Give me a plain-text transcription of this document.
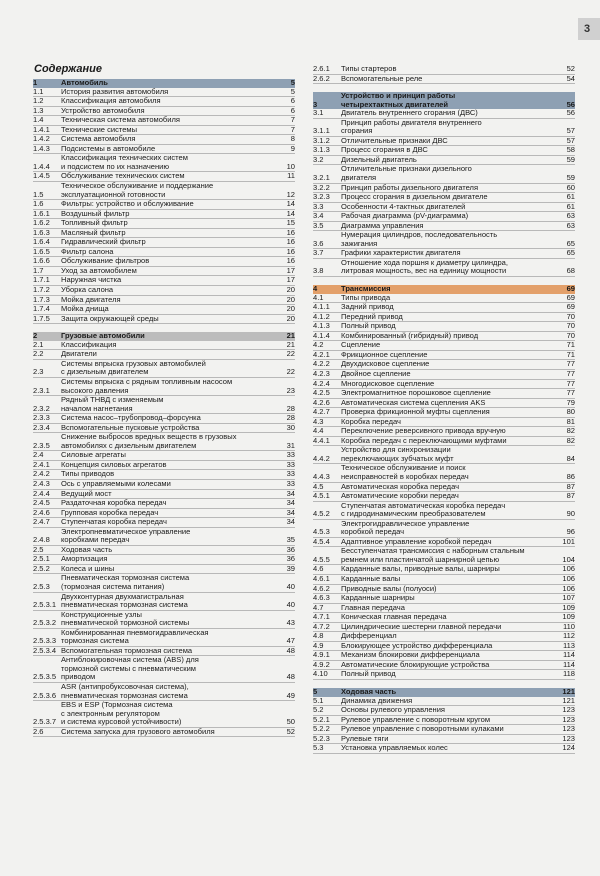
3
Содержание
1	Автомобиль	5
1.1	История развития автомобиля	5
1.2	Классификация автомобиля	6
1.3	Устройство автомобиля	6
1.4	Техническая система автомобиля	7
1.4.1	Технические системы	7
1.4.2	Система автомобиля	8
1.4.3	Подсистемы в автомобиле	9
1.4.4
Классификация технических систем
и подсистем по их назначению	10
1.4.5	Обслуживание технических систем	11
1.5
Техническое обслуживание и поддержание
эксплуатационной готовности	12
1.6	Фильтры: устройство и обслуживание	14
1.6.1	Воздушный фильтр	14
1.6.2	Топливный фильтр	15
1.6.3	Масляный фильтр	16
1.6.4	Гидравлический фильтр	16
1.6.5	Фильтр салона	16
1.6.6	Обслуживание фильтров	16
1.7	Уход за автомобилем	17
1.7.1	Наружная чистка	17
1.7.2	Уборка салона	20
1.7.3	Мойка двигателя	20
1.7.4	Мойка днища	20
1.7.5	Защита окружающей среды	20
2	Грузовые автомобили	21
2.1	Классификация	21
2.2	Двигатели	22
2.3
Системы впрыска грузовых автомобилей
с дизельным двигателем	22
2.3.1
Системы впрыска с рядным топливным насосом
высокого давления	23
2.3.2
Рядный ТНВД с изменяемым
началом нагнетания	28
2.3.3	Система насос–трубопровод–форсунка	28
2.3.4	Вспомогательные пусковые устройства	30
2.3.5
Снижение выбросов вредных веществ в грузовых
автомобилях с дизельным двигателем	31
2.4	Силовые агрегаты	33
2.4.1	Концепция силовых агрегатов	33
2.4.2	Типы приводов	33
2.4.3	Ось с управляемыми колесами	33
2.4.4	Ведущий мост	34
2.4.5	Раздаточная коробка передач	34
2.4.6	Групповая коробка передач	34
2.4.7	Ступенчатая коробка передач	34
2.4.8
Электропневматическое управление
коробками передач	35
2.5	Ходовая часть	36
2.5.1	Амортизация	36
2.5.2	Колеса и шины	39
2.5.3
Пневматическая тормозная система
(тормозная система питания)	40
2.5.3.1
Двухконтурная двухмагистральная
пневматическая тормозная система	40
2.5.3.2
Конструкционные узлы
пневматической тормозной системы	43
2.5.3.3
Комбинированная пневмогидравлическая
тормозная система	47
2.5.3.4 Вспомогательная тормозная система	48
2.5.3.5
Антиблокировочная система (ABS) для
тормозной системы с пневматическим
приводом	48
2.5.3.6
ASR (антипробуксовочная система),
пневматическая тормозная система	49
2.5.3.7
EBS и ESP (Тормозная система
с электронным регулятором
и система курсовой устойчивости)	50
2.6	Система запуска для грузового автомобиля	52
2.6.1	Типы стартеров	52
2.6.2	Вспомогательные реле	54
3
Устройство и принцип работы
четырехтактных двигателей	56
3.1	Двигатель внутреннего сгорания (ДВС)	56
3.1.1
Принцип работы двигателя внутреннего
сгорания	57
3.1.2	Отличительные признаки ДВС	57
3.1.3	Процесс сгорания в ДВС	58
3.2	Дизельный двигатель	59
3.2.1
Отличительные признаки дизельного
двигателя	59
3.2.2	Принцип работы дизельного двигателя	60
3.2.3	Процесс сгорания в дизельном двигателе	61
3.3	Особенности 4-тактных двигателей	61
3.4	Рабочая диаграмма (pV-диаграмма)	63
3.5	Диаграмма управления	63
3.6
Нумерация цилиндров, последовательность
зажигания	65
3.7	Графики характеристик двигателя	65
3.8
Отношение хода поршня к диаметру цилиндра,
литровая мощность, вес на единицу мощности	68
4	Трансмиссия	69
4.1	Типы привода	69
4.1.1	Задний привод	69
4.1.2	Передний привод	70
4.1.3	Полный привод	70
4.1.4	Комбинированный (гибридный) привод	70
4.2	Сцепление	71
4.2.1	Фрикционное сцепление	71
4.2.2	Двухдисковое сцепление	77
4.2.3	Двойное сцепление	77
4.2.4	Многодисковое сцепление	77
4.2.5	Электромагнитное порошковое сцепление	77
4.2.6	Автоматическая система сцепления AKS	79
4.2.7	Проверка фрикционной муфты сцепления	80
4.3	Коробка передач	81
4.4	Переключение реверсивного привода вручную	82
4.4.1	Коробка передач с переключающими муфтами	82
4.4.2
Устройство для синхронизации
переключающих зубчатых муфт	84
4.4.3
Техническое обслуживание и поиск
неисправностей в коробках передач	86
4.5	Автоматическая коробка передач	87
4.5.1	Автоматические коробки передач	87
4.5.2
Ступенчатая автоматическая коробка передач
с гидродинамическим преобразователем	90
4.5.3
Электрогидравлическое управление
коробкой передач	96
4.5.4	Адаптивное управление коробкой передач	101
4.5.5
Бесступенчатая трансмиссия с наборным стальным
ремнем или пластинчатой шарнирной цепью	104
4.6	Карданные валы, приводные валы, шарниры	106
4.6.1	Карданные валы	106
4.6.2	Приводные валы (полуоси)	106
4.6.3	Карданные шарниры	107
4.7	Главная передача	109
4.7.1	Коническая главная передача	109
4.7.2	Цилиндрические шестерни главной передачи	110
4.8	Дифференциал	112
4.9	Блокирующее устройство дифференциала	113
4.9.1	Механизм блокировки дифференциала	114
4.9.2	Автоматические блокирующие устройства	114
4.10	Полный привод	118
5	Ходовая часть	121
5.1	Динамика движения	121
5.2	Основы рулевого управления	123
5.2.1	Рулевое управление с поворотным кругом	123
5.2.2	Рулевое управление с поворотными кулаками	123
5.2.3	Рулевые тяги	123
5.3	Установка управляемых колес	124
